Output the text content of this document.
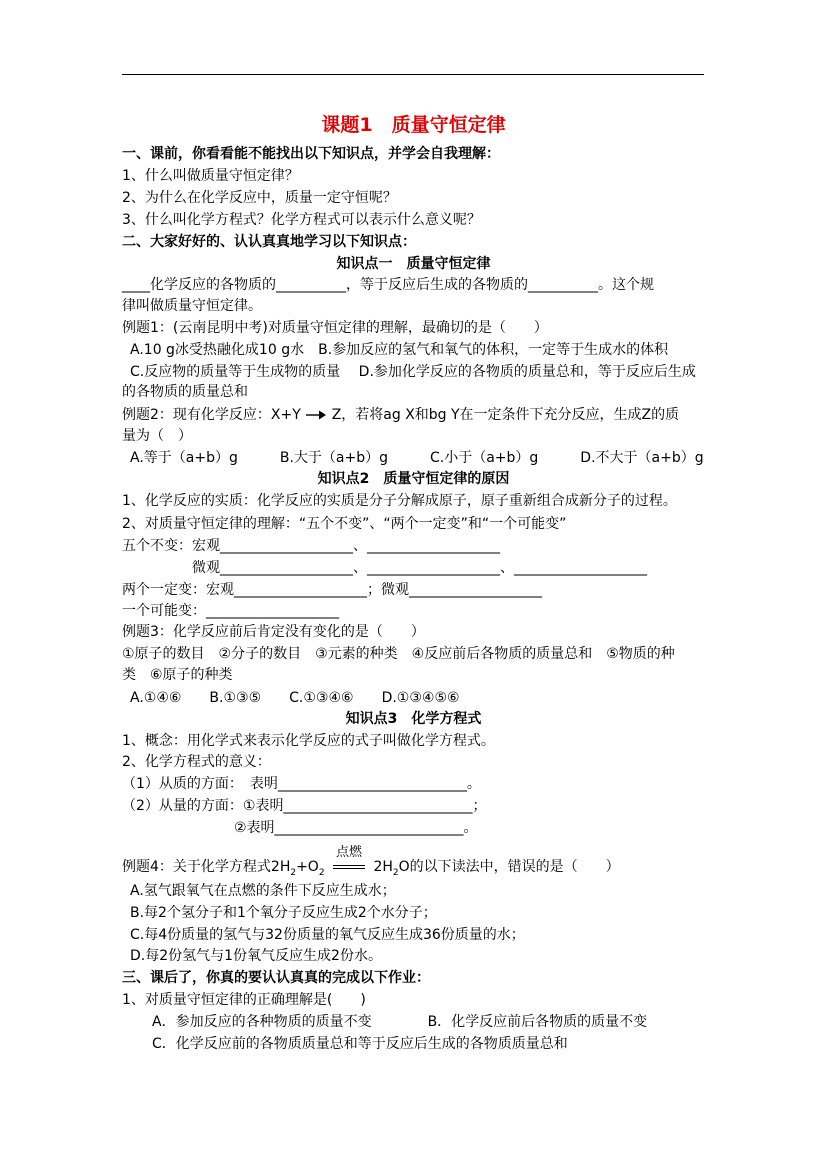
课题1　质量守恒定律
一、课前，你看看能不能找出以下知识点，并学会自我理解：
1、什么叫做质量守恒定律？
2、为什么在化学反应中，质量一定守恒呢？
3、什么叫化学方程式？化学方程式可以表示什么意义呢？
二、大家好好的、认认真真地学习以下知识点：
知识点一　质量守恒定律
____化学反应的各物质的__________，等于反应后生成的各物质的__________。这个规
律叫做质量守恒定律。
例题1：(云南昆明中考)对质量守恒定律的理解，最确切的是（　　）
A.10 g冰受热融化成10 g水　B.参加反应的氢气和氧气的体积，一定等于生成水的体积
C.反应物的质量等于生成物的质量　 D.参加化学反应的各物质的质量总和，等于反应后生成
的各物质的质量总和
例题2：现有化学反应：X+Y → Z，若将ag X和bg Y在一定条件下充分反应，生成Z的质
量为（　）
A.等于（a+b）g　　　B.大于（a+b）g　　　C.小于（a+b）g　　　D.不大于（a+b）g
知识点2　质量守恒定律的原因
1、化学反应的实质：化学反应的实质是分子分解成原子，原子重新组合成新分子的过程。
2、对质量守恒定律的理解：“五个不变”、“两个一定变”和“一个可能变”
五个不变：宏观___________________、___________________
　　　　　微观___________________、___________________、___________________
两个一定变：宏观___________________；微观___________________
一个可能变：___________________
例题3：化学反应前后肯定没有变化的是（　　）
①原子的数目　②分子的数目　③元素的种类　④反应前后各物质的质量总和　⑤物质的种
类　⑥原子的种类
A.①④⑥　　B.①③⑤　　C.①③④⑥　　D.①③④⑤⑥
知识点3　化学方程式
1、概念：用化学式来表示化学反应的式子叫做化学方程式。
2、化学方程式的意义：
（1）从质的方面：　表明___________________________。
（2）从量的方面：①表明___________________________；
　　　　　　　　②表明___________________________。
例题4：关于化学方程式$2H_2+O_2$
点燃
$2H_2O$的以下读法中，错误的是（　　）
A.氢气跟氧气在点燃的条件下反应生成水；
B.每2个氢分子和1个氧分子反应生成2个水分子；
C.每4份质量的氢气与32份质量的氧气反应生成36份质量的水；
D.每2份氢气与1份氧气反应生成2份水。
三、课后了，你真的要认认真真的完成以下作业：
1、对质量守恒定律的正确理解是(　　)
A．参加反应的各种物质的质量不变　　　　B．化学反应前后各物质的质量不变
C．化学反应前的各物质质量总和等于反应后生成的各物质质量总和
